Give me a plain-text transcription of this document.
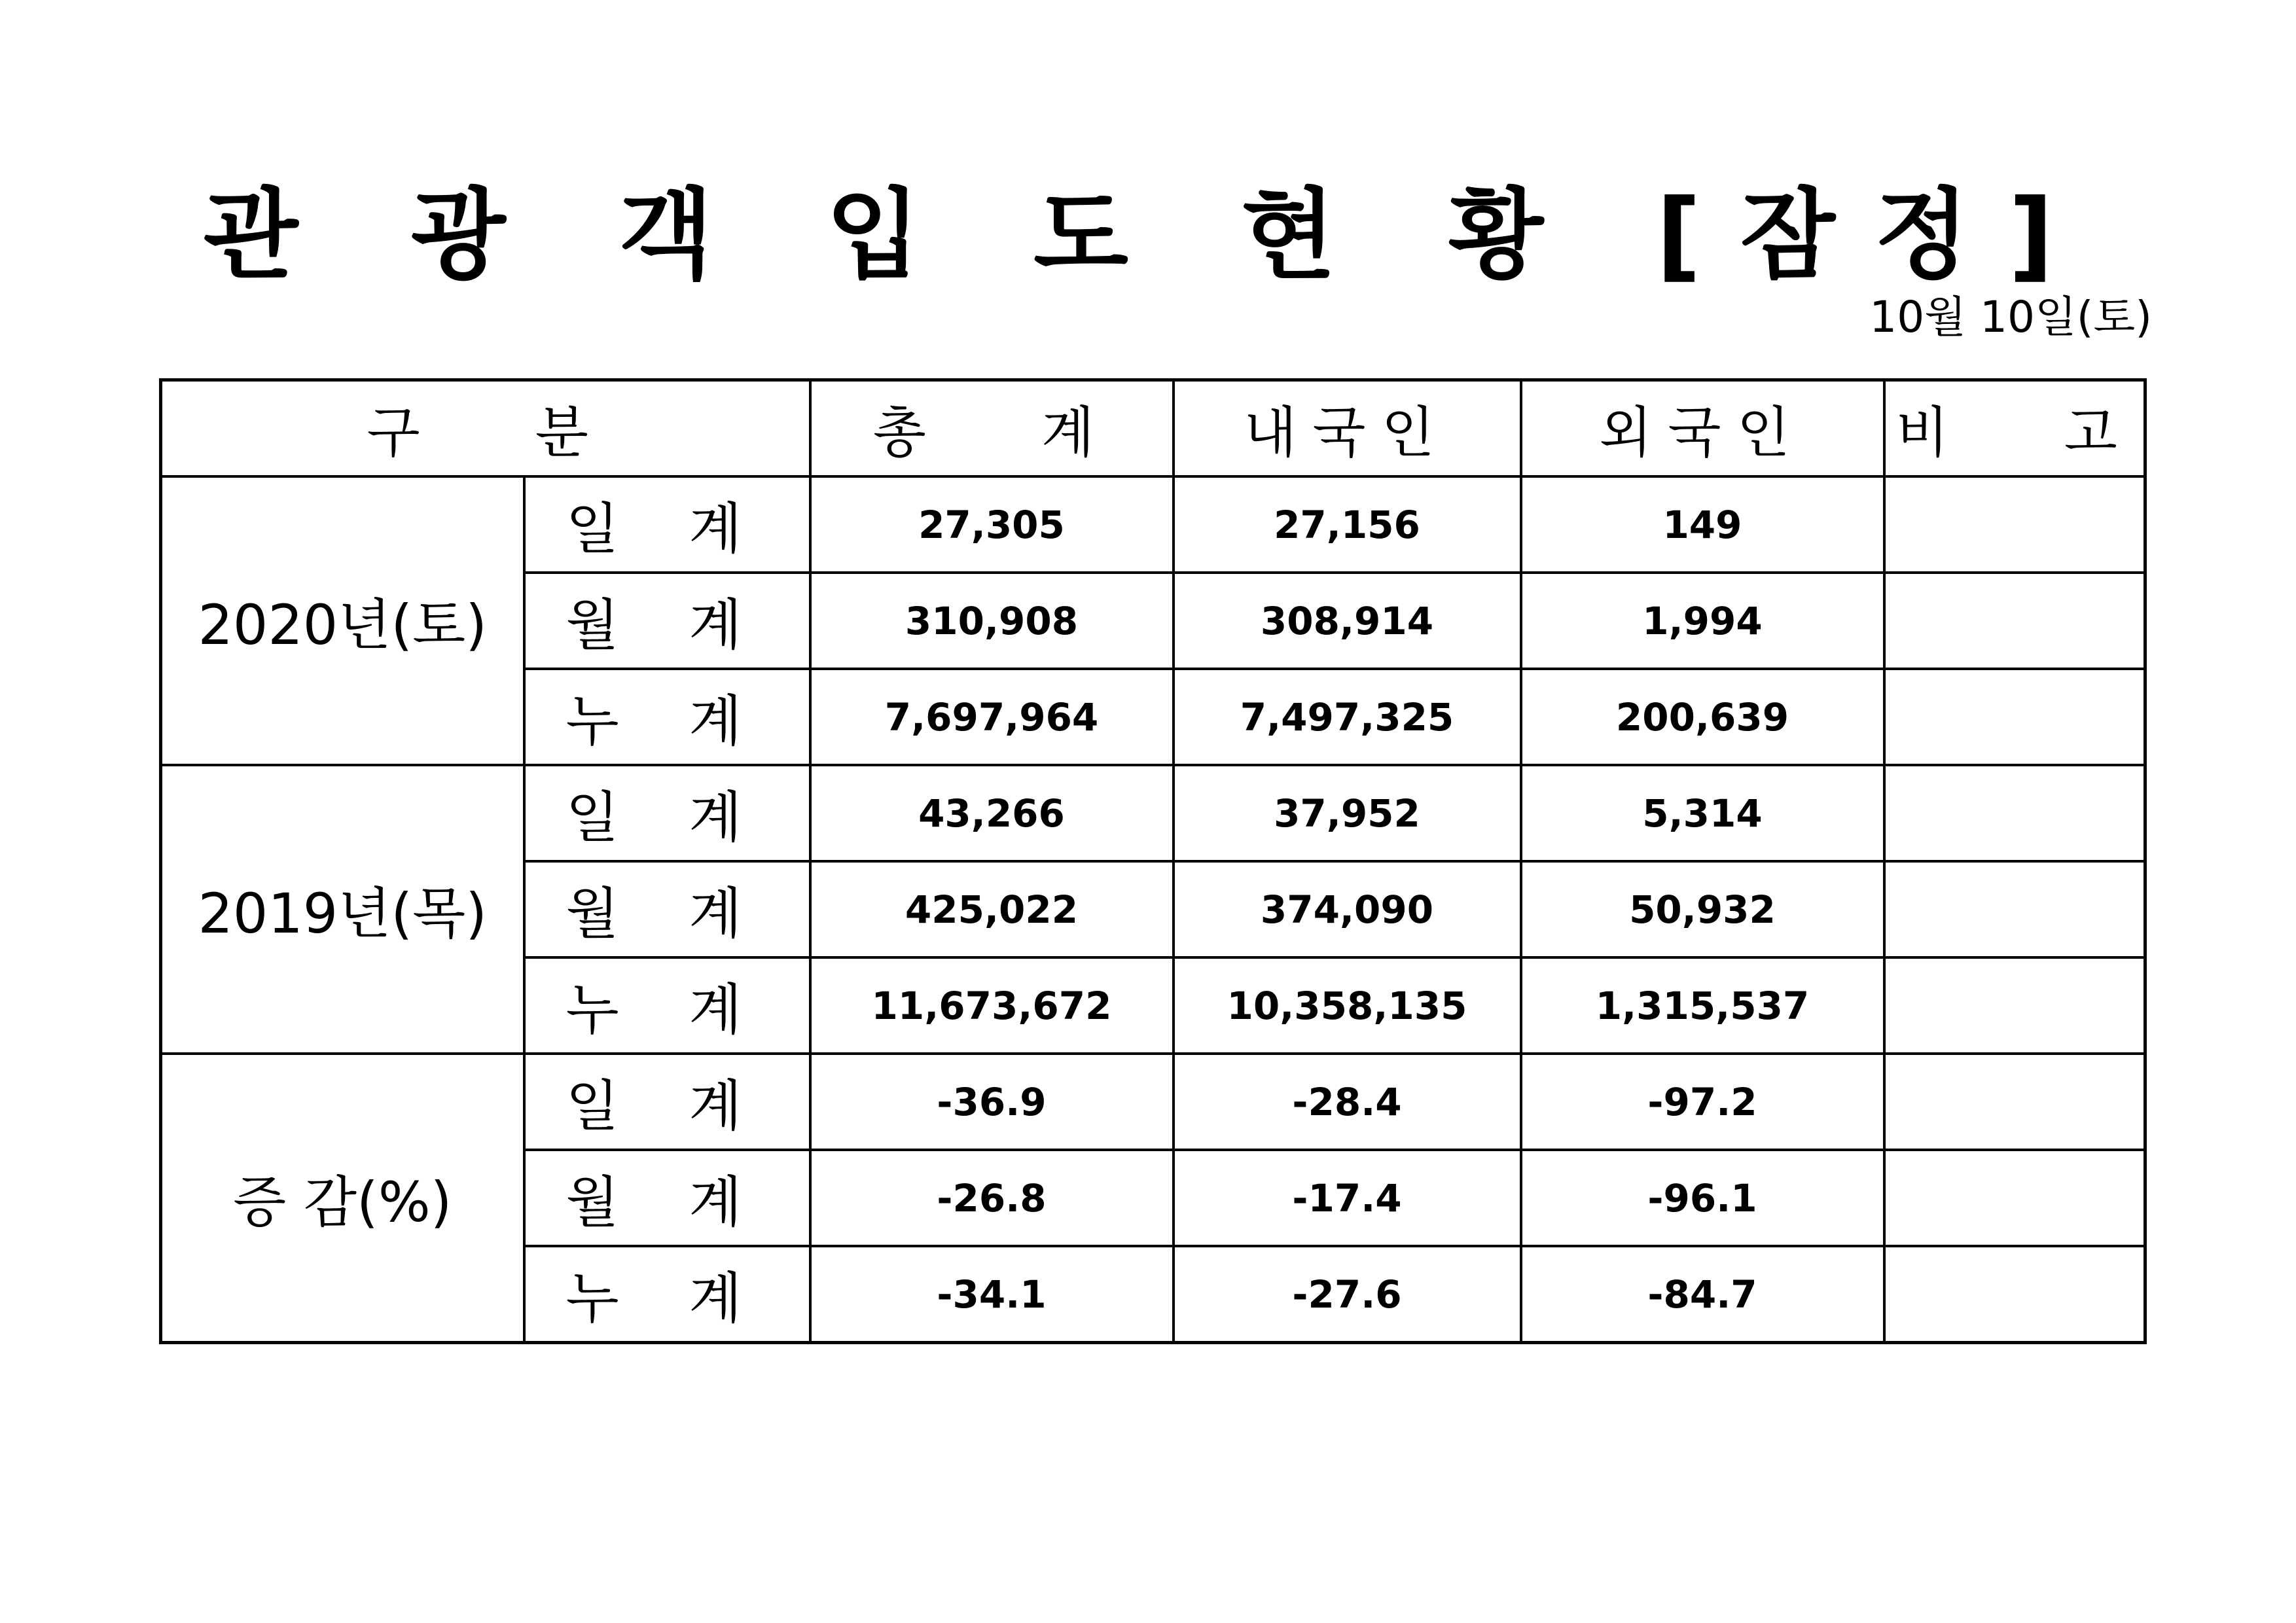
관 광 객 입 도 현 황 [잠정]
10월 10일(토)
구   분		총   계	내국인	외국인	비   고
2020년(토)	일 계	27,305	27,156	149	
	월 계	310,908	308,914	1,994	
	누 계	7,697,964	7,497,325	200,639	
2019년(목)	일 계	43,266	37,952	5,314	
	월 계	425,022	374,090	50,932	
	누 계	11,673,672	10,358,135	1,315,537	
증 감(%)	일 계	-36.9	-28.4	-97.2	
	월 계	-26.8	-17.4	-96.1	
	누 계	-34.1	-27.6	-84.7	
